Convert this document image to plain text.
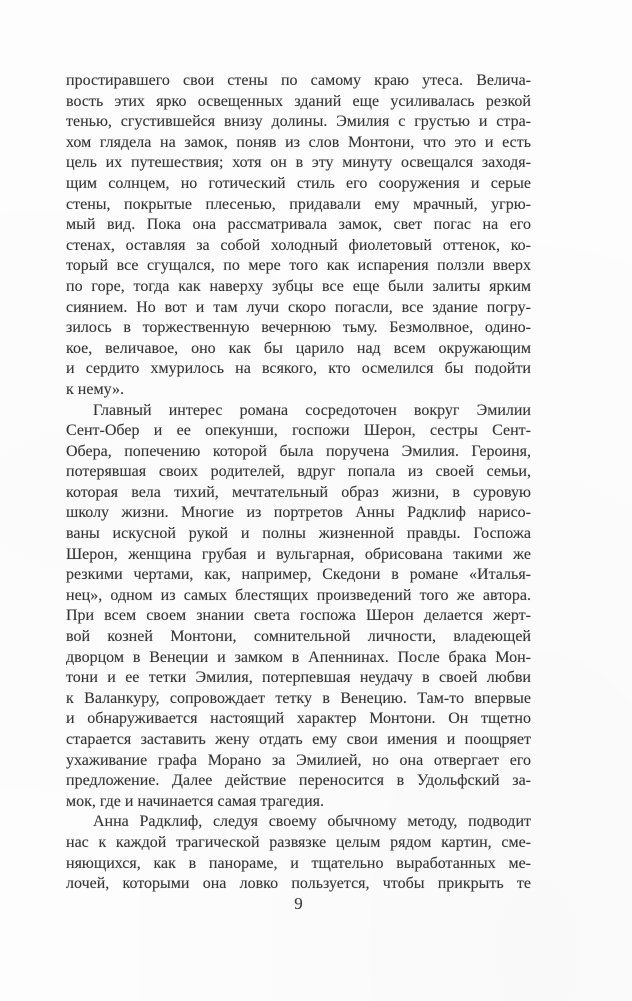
простиравшего свои стены по самому краю утеса. Велича-
вость этих ярко освещенных зданий еще усиливалась резкой
тенью, сгустившейся внизу долины. Эмилия с грустью и стра-
хом глядела на замок, поняв из слов Монтони, что это и есть
цель их путешествия; хотя он в эту минуту освещался заходя-
щим солнцем, но готический стиль его сооружения и серые
стены, покрытые плесенью, придавали ему мрачный, угрю-
мый вид. Пока она рассматривала замок, свет погас на его
стенах, оставляя за собой холодный фиолетовый оттенок, ко-
торый все сгущался, по мере того как испарения ползли вверх
по горе, тогда как наверху зубцы все еще были залиты ярким
сиянием. Но вот и там лучи скоро погасли, все здание погру-
зилось в торжественную вечернюю тьму. Безмолвное, одино-
кое, величавое, оно как бы царило над всем окружающим
и сердито хмурилось на всякого, кто осмелился бы подойти
к нему».
Главный интерес романа сосредоточен вокруг Эмилии
Сент-Обер и ее опекунши, госпожи Шерон, сестры Сент-
Обера, попечению которой была поручена Эмилия. Героиня,
потерявшая своих родителей, вдруг попала из своей семьи,
которая вела тихий, мечтательный образ жизни, в суровую
школу жизни. Многие из портретов Анны Радклиф нарисо-
ваны искусной рукой и полны жизненной правды. Госпожа
Шерон, женщина грубая и вульгарная, обрисована такими же
резкими чертами, как, например, Скедони в романе «Италья-
нец», одном из самых блестящих произведений того же автора.
При всем своем знании света госпожа Шерон делается жерт-
вой козней Монтони, сомнительной личности, владеющей
дворцом в Венеции и замком в Апеннинах. После брака Мон-
тони и ее тетки Эмилия, потерпевшая неудачу в своей любви
к Валанкуру, сопровождает тетку в Венецию. Там-то впервые
и обнаруживается настоящий характер Монтони. Он тщетно
старается заставить жену отдать ему свои имения и поощряет
ухаживание графа Морано за Эмилией, но она отвергает его
предложение. Далее действие переносится в Удольфский за-
мок, где и начинается самая трагедия.
Анна Радклиф, следуя своему обычному методу, подводит
нас к каждой трагической развязке целым рядом картин, сме-
няющихся, как в панораме, и тщательно выработанных ме-
лочей, которыми она ловко пользуется, чтобы прикрыть те
9
